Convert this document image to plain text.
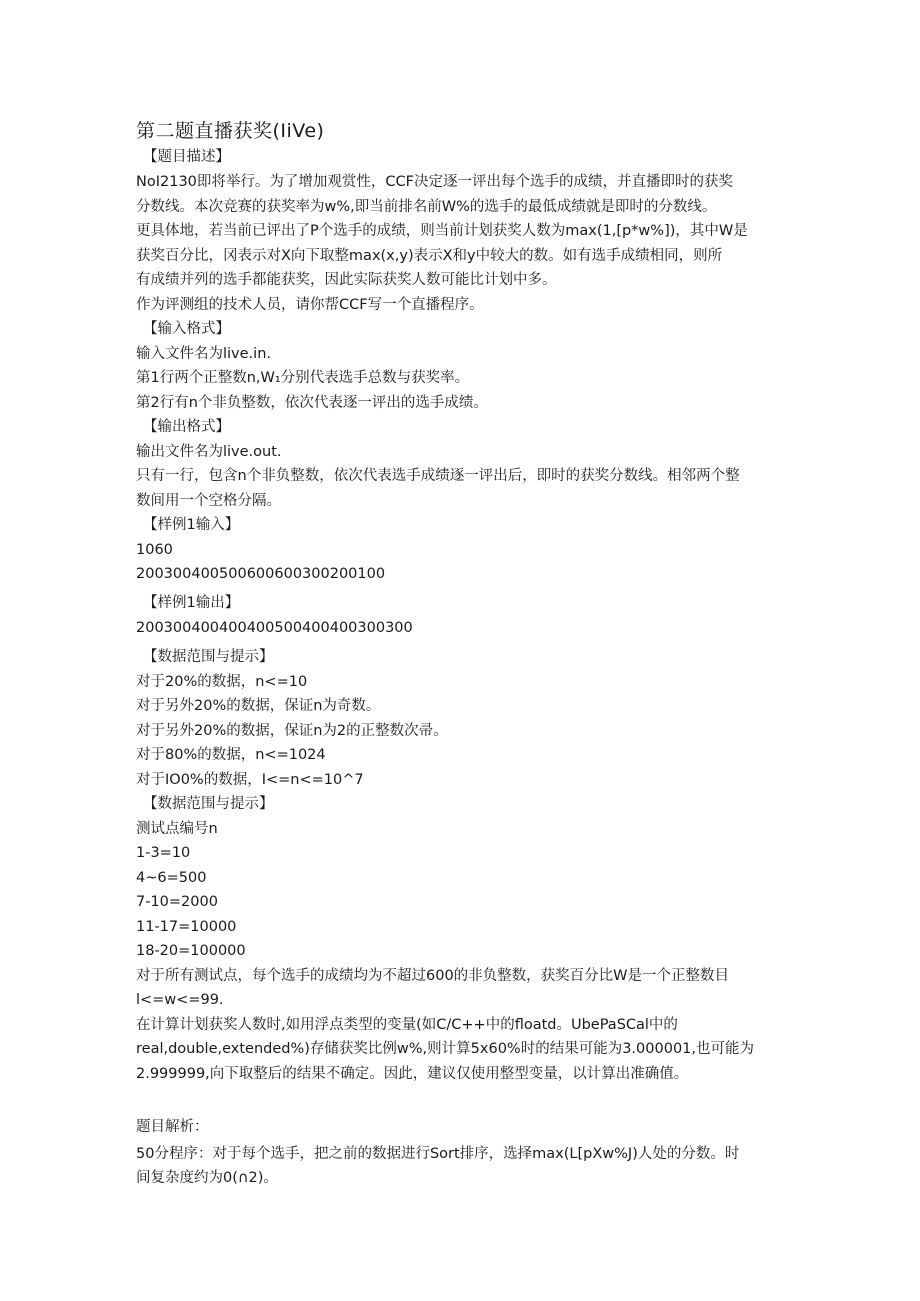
第二题直播获奖(IiVe)
【题目描述】
NoI2130即将举行。为了增加观赏性，CCF决定逐一评出每个选手的成绩，并直播即时的获奖
分数线。本次竞赛的获奖率为w%,即当前排名前W%的选手的最低成绩就是即时的分数线。
更具体地，若当前已评出了P个选手的成绩，则当前计划获奖人数为max(1,[p*w%])，其中W是
获奖百分比，冈表示对X向下取整max(x,y)表示X和y中较大的数。如有选手成绩相同，则所
有成绩并列的选手都能获奖，因此实际获奖人数可能比计划中多。
作为评测组的技术人员，请你帮CCF写一个直播程序。
【输入格式】
输入文件名为live.in.
第1行两个正整数n,W₁分别代表选手总数与获奖率。
第2行有n个非负整数，依次代表逐一评出的选手成绩。
【输出格式】
输出文件名为live.out.
只有一行，包含n个非负整数，依次代表选手成绩逐一评出后，即时的获奖分数线。相邻两个整
数间用一个空格分隔。
【样例1输入】
1060
200300400500600600300200100
【样例1输出】
200300400400400500400400300300
【数据范围与提示】
对于20%的数据，n<=10
对于另外20%的数据，保证n为奇数。
对于另外20%的数据，保证n为2的正整数次帚。
对于80%的数据，n<=1024
对于IO0%的数据，I<=n<=10^7
【数据范围与提示】
测试点编号n
1-3=10
4~6=500
7-10=2000
11-17=10000
18-20=100000
对于所有测试点，每个选手的成绩均为不超过600的非负整数，获奖百分比W是一个正整数目
l<=w<=99.
在计算计划获奖人数时,如用浮点类型的变量(如C/C++中的floatd。UbePaSCal中的
real,double,extended%)存储获奖比例w%,则计算5x60%时的结果可能为3.000001,也可能为
2.999999,向下取整后的结果不确定。因此，建议仅使用整型变量，以计算出准确值。
题目解析：
50分程序：对于每个选手，把之前的数据进行Sort排序，选择max(L[pXw%J)人处的分数。时
间复杂度约为0(∩2)。
